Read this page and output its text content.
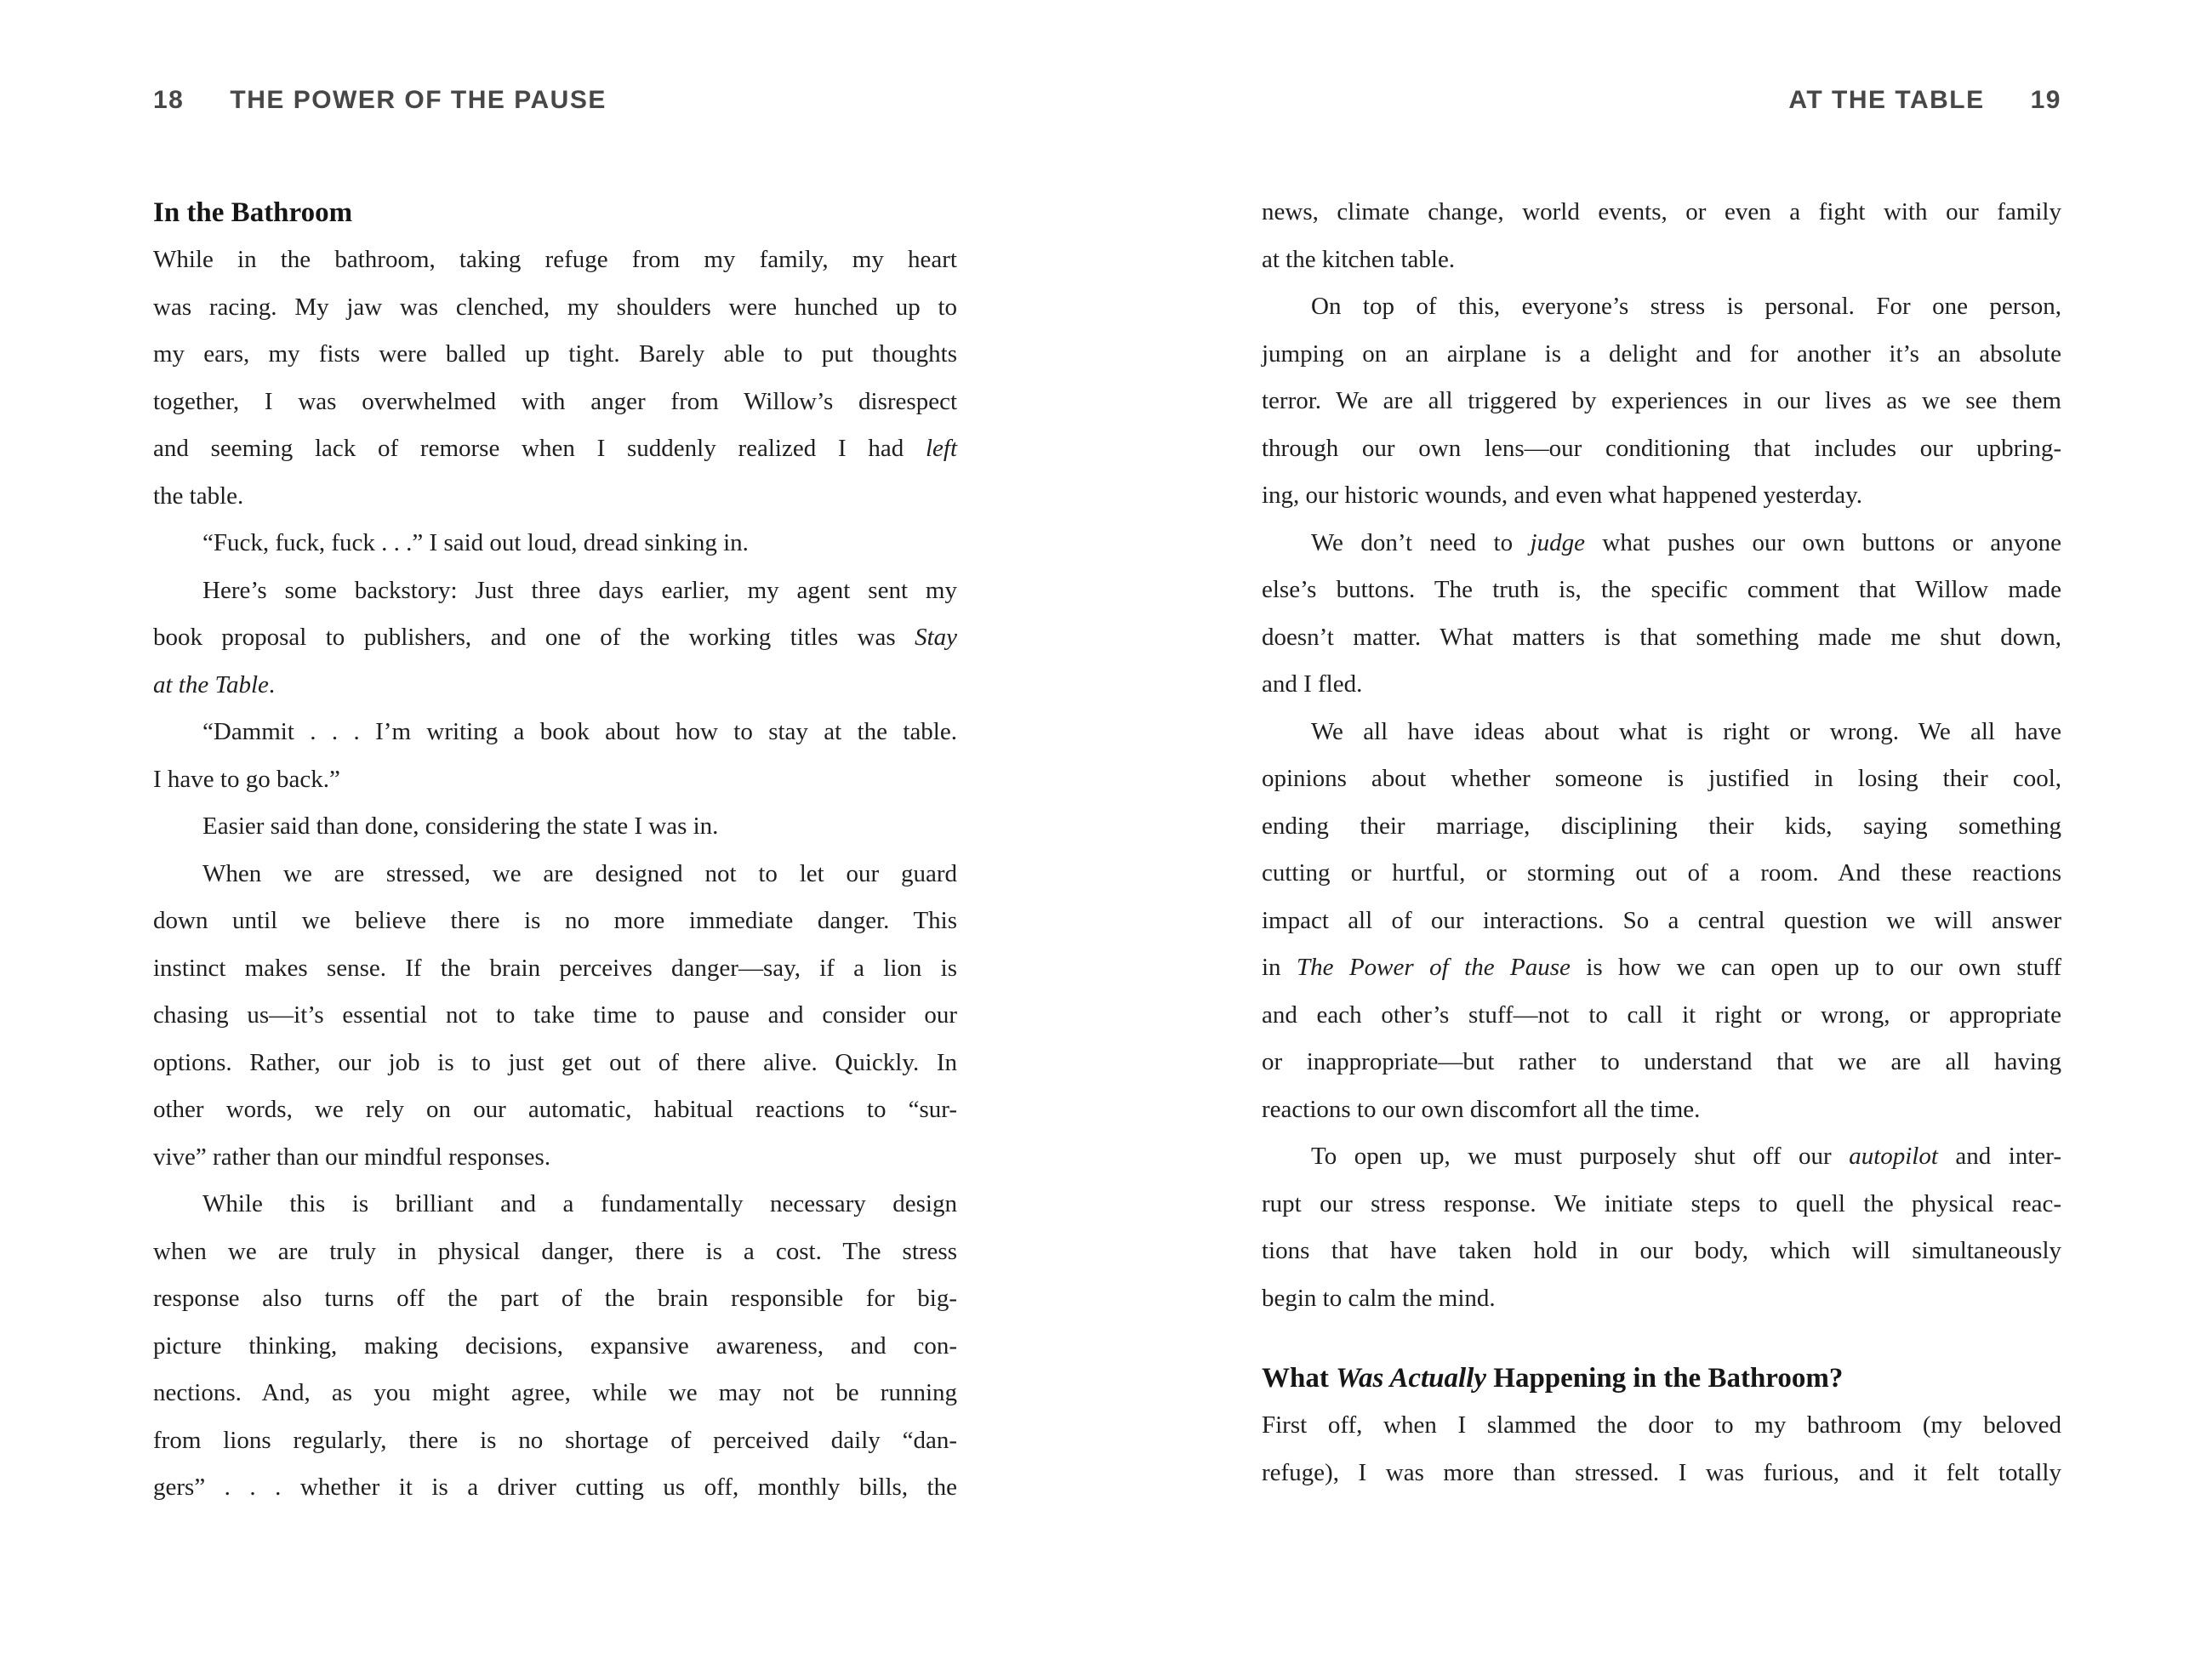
18 THE POWER OF THE PAUSE
In the Bathroom
While in the bathroom, taking refuge from my family, my heart
was racing. My jaw was clenched, my shoulders were hunched up to
my ears, my fists were balled up tight. Barely able to put thoughts
together, I was overwhelmed with anger from Willow’s disrespect
and seeming lack of remorse when I suddenly realized I had left
the table.
“Fuck, fuck, fuck . . .” I said out loud, dread sinking in.
Here’s some backstory: Just three days earlier, my agent sent my
book proposal to publishers, and one of the working titles was Stay
at the Table.
“Dammit . . . I’m writing a book about how to stay at the table.
I have to go back.”
Easier said than done, considering the state I was in.
When we are stressed, we are designed not to let our guard
down until we believe there is no more immediate danger. This
instinct makes sense. If the brain perceives danger—say, if a lion is
chasing us—it’s essential not to take time to pause and consider our
options. Rather, our job is to just get out of there alive. Quickly. In
other words, we rely on our automatic, habitual reactions to “sur-
vive” rather than our mindful responses.
While this is brilliant and a fundamentally necessary design
when we are truly in physical danger, there is a cost. The stress
response also turns off the part of the brain responsible for big-
picture thinking, making decisions, expansive awareness, and con-
nections. And, as you might agree, while we may not be running
from lions regularly, there is no shortage of perceived daily “dan-
gers” . . . whether it is a driver cutting us off, monthly bills, the
AT THE TABLE 19
news, climate change, world events, or even a fight with our family
at the kitchen table.
On top of this, everyone’s stress is personal. For one person,
jumping on an airplane is a delight and for another it’s an absolute
terror. We are all triggered by experiences in our lives as we see them
through our own lens—our conditioning that includes our upbring-
ing, our historic wounds, and even what happened yesterday.
We don’t need to judge what pushes our own buttons or anyone
else’s buttons. The truth is, the specific comment that Willow made
doesn’t matter. What matters is that something made me shut down,
and I fled.
We all have ideas about what is right or wrong. We all have
opinions about whether someone is justified in losing their cool,
ending their marriage, disciplining their kids, saying something
cutting or hurtful, or storming out of a room. And these reactions
impact all of our interactions. So a central question we will answer
in The Power of the Pause is how we can open up to our own stuff
and each other’s stuff—not to call it right or wrong, or appropriate
or inappropriate—but rather to understand that we are all having
reactions to our own discomfort all the time.
To open up, we must purposely shut off our autopilot and inter-
rupt our stress response. We initiate steps to quell the physical reac-
tions that have taken hold in our body, which will simultaneously
begin to calm the mind.
What Was Actually Happening in the Bathroom?
First off, when I slammed the door to my bathroom (my beloved
refuge), I was more than stressed. I was furious, and it felt totally
